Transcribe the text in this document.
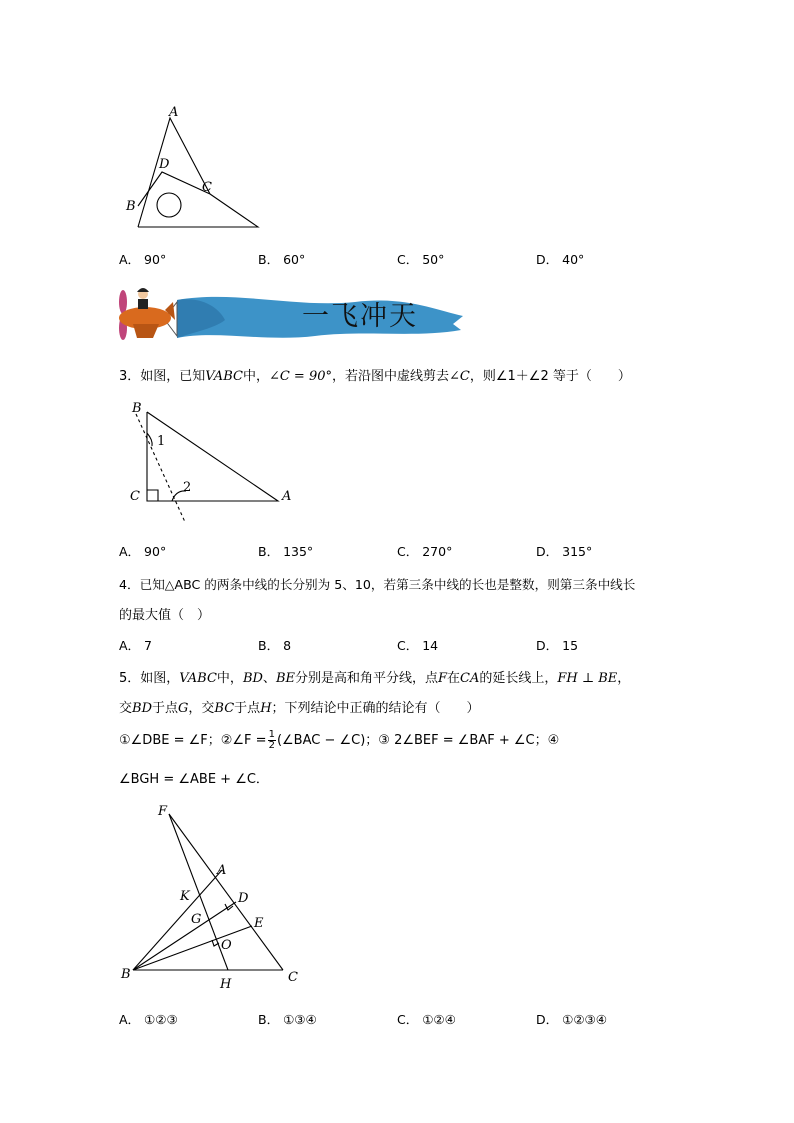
A
D
C
B
A． 90°	B． 60°	C． 50°	D． 40°
一飞冲天
3．如图，已知VABC中，∠C = 90°，若沿图中虚线剪去∠C，则∠1＋∠2 等于（　　）
B
C	A
1
2
A． 90°	B． 135°	C． 270°	D． 315°
4．已知△ABC 的两条中线的长分别为 5、10，若第三条中线的长也是整数，则第三条中线长
的最大值（　）
A． 7	B． 8	C． 14	D． 15
5．如图，VABC中，BD、BE分别是高和角平分线，点F在CA的延长线上，FH ⊥ BE，
交BD于点G，交BC于点H；下列结论中正确的结论有（　　）
①∠DBE = ∠F；②∠F = $\frac{1}{2}$ (∠BAC − ∠C)；③ 2∠BEF = ∠BAF + ∠C；④
∠BGH = ∠ABE + ∠C．
F
A
K	D
G	E
O
B
H	C
A． ①②③	B． ①③④	C． ①②④	D． ①②③④
